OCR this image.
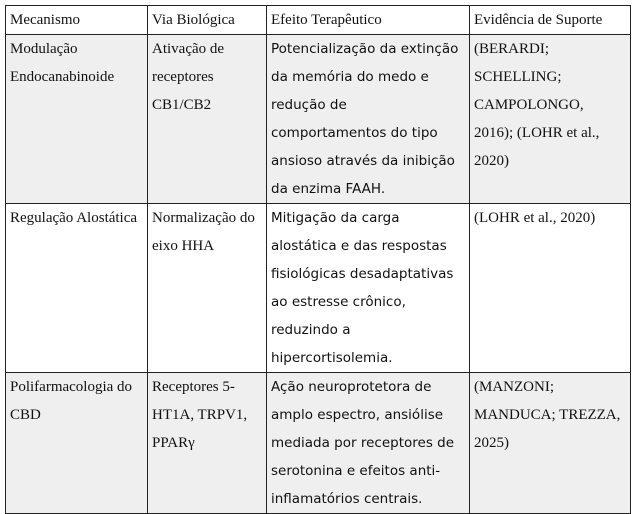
Mecanismo	Via Biológica	Efeito Terapêutico	Evidência de Suporte
Modulação Endocanabinoide	Ativação de receptores CB1/CB2	Potencialização da extinção da memória do medo e redução de comportamentos do tipo ansioso através da inibição da enzima FAAH.	(BERARDI; SCHELLING; CAMPOLONGO, 2016); (LOHR et al., 2020)
Regulação Alostática	Normalização do eixo HHA	Mitigação da carga alostática e das respostas fisiológicas desadaptativas ao estresse crônico, reduzindo a hipercortisolemia.	(LOHR et al., 2020)
Polifarmacologia do CBD	Receptores 5-HT1A, TRPV1, PPARγ	Ação neuroprotetora de amplo espectro, ansiólise mediada por receptores de serotonina e efeitos anti-inflamatórios centrais.	(MANZONI; MANDUCA; TREZZA, 2025)
